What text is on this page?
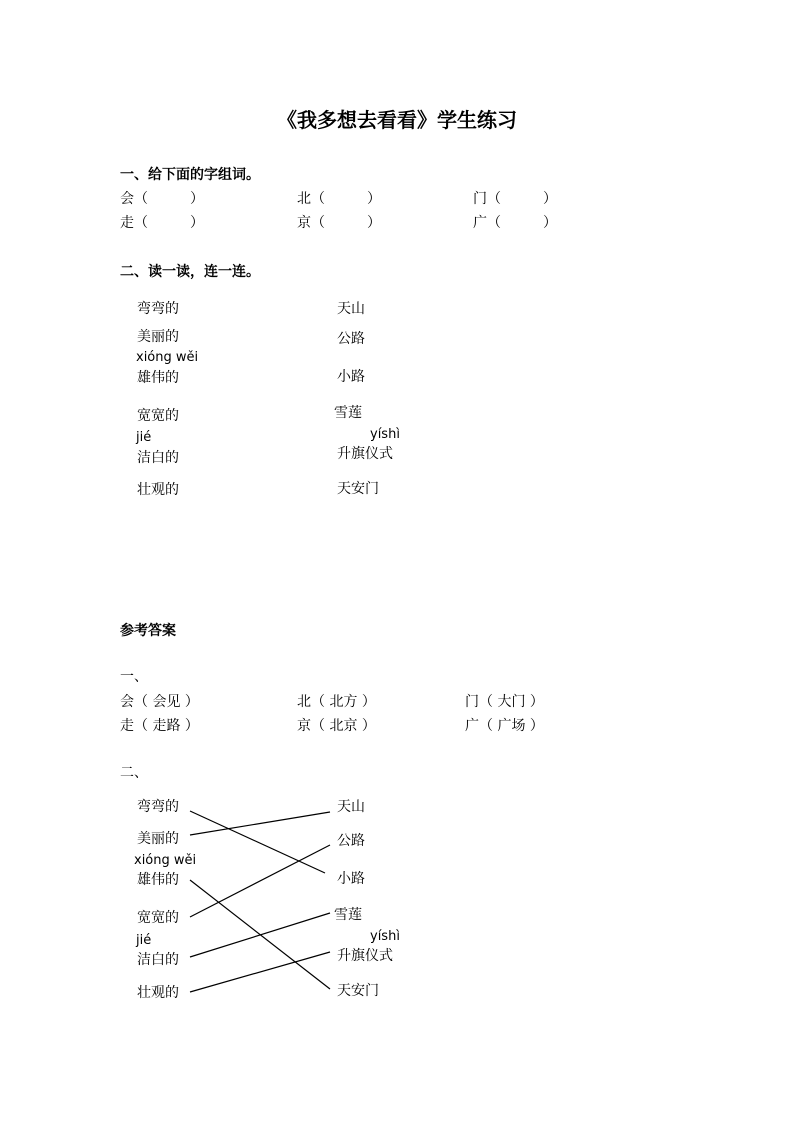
《我多想去看看》学生练习
一、给下面的字组词。
会（　　　）	北（　　　）	门（　　　）
走（　　　）	京（　　　）	广（　　　）
二、读一读，连一连。
弯弯的
美丽的
xióng wěi
雄伟的
宽宽的
jié
洁白的
壮观的
天山
公路
小路
雪莲
yíshì
升旗仪式
天安门
参考答案
一、
会（ 会见 ）	北（ 北方 ）	门（ 大门 ）
走（ 走路 ）	京（ 北京 ）	广（ 广场 ）
二、
弯弯的
美丽的
xióng wěi
雄伟的
宽宽的
jié
洁白的
壮观的
天山
公路
小路
雪莲
yíshì
升旗仪式
天安门
